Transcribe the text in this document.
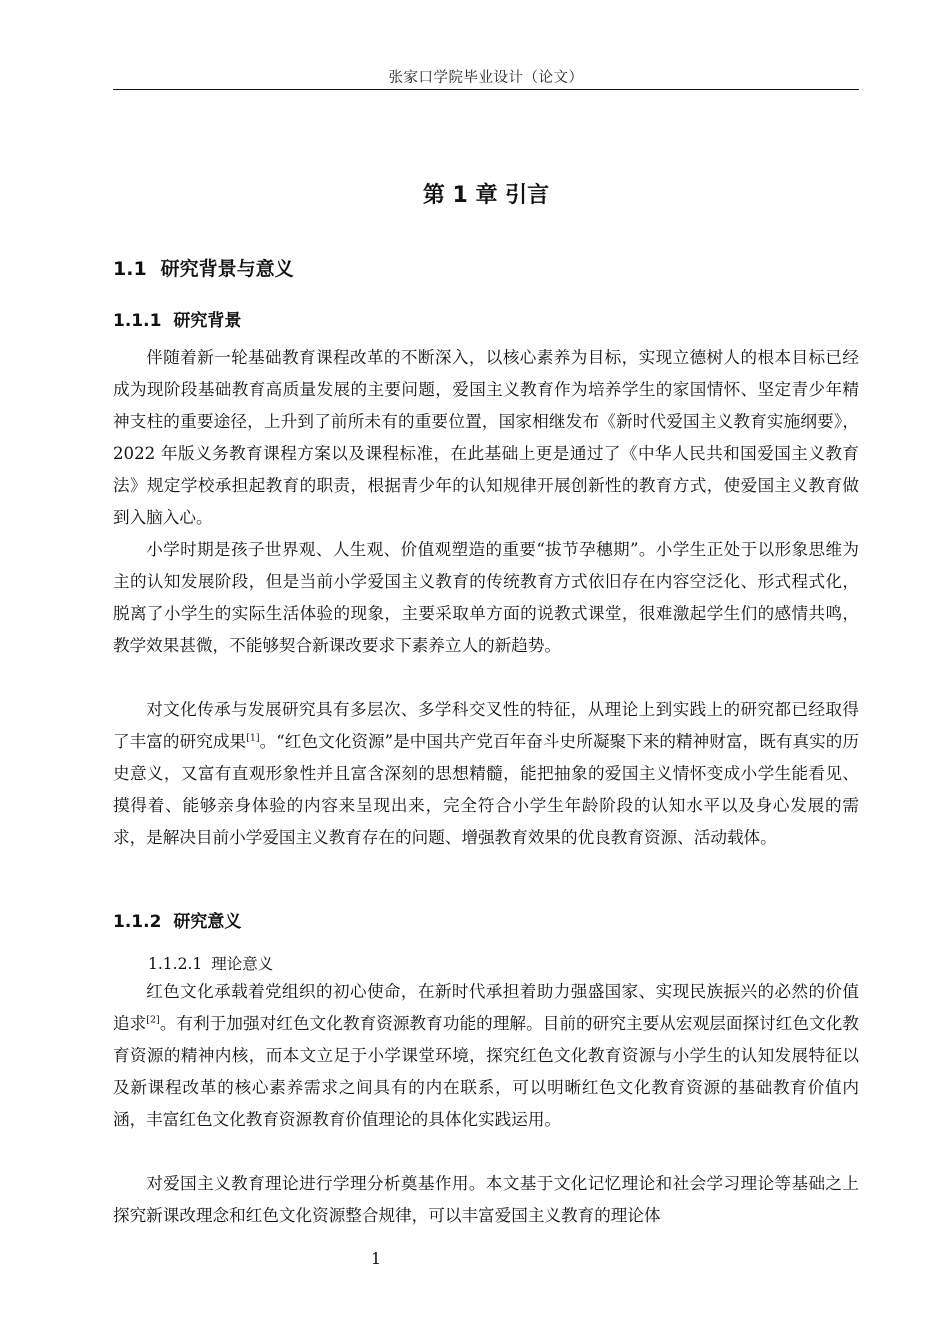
张家口学院毕业设计（论文）
第 1 章 引言
1.1 研究背景与意义
1.1.1 研究背景

伴随着新一轮基础教育课程改革的不断深入，以核心素养为目标，实现立德树人的根本目标已经成为现阶段基础教育高质量发展的主要问题，爱国主义教育作为培养学生的家国情怀、坚定青少年精神支柱的重要途径，上升到了前所未有的重要位置，国家相继发布《新时代爱国主义教育实施纲要》，2022 年版义务教育课程方案以及课程标准，在此基础上更是通过了《中华人民共和国爱国主义教育法》规定学校承担起教育的职责，根据青少年的认知规律开展创新性的教育方式，使爱国主义教育做到入脑入心。

小学时期是孩子世界观、人生观、价值观塑造的重要“拔节孕穗期”。小学生正处于以形象思维为主的认知发展阶段，但是当前小学爱国主义教育的传统教育方式依旧存在内容空泛化、形式程式化，脱离了小学生的实际生活体验的现象，主要采取单方面的说教式课堂，很难激起学生们的感情共鸣，教学效果甚微，不能够契合新课改要求下素养立人的新趋势。

对文化传承与发展研究具有多层次、多学科交叉性的特征，从理论上到实践上的研究都已经取得了丰富的研究成果[1]。“红色文化资源”是中国共产党百年奋斗史所凝聚下来的精神财富，既有真实的历史意义，又富有直观形象性并且富含深刻的思想精髓，能把抽象的爱国主义情怀变成小学生能看见、摸得着、能够亲身体验的内容来呈现出来，完全符合小学生年龄阶段的认知水平以及身心发展的需求，是解决目前小学爱国主义教育存在的问题、增强教育效果的优良教育资源、活动载体。

1.1.2 研究意义
1.1.2.1 理论意义

红色文化承载着党组织的初心使命，在新时代承担着助力强盛国家、实现民族振兴的必然的价值追求[2]。有利于加强对红色文化教育资源教育功能的理解。目前的研究主要从宏观层面探讨红色文化教育资源的精神内核，而本文立足于小学课堂环境，探究红色文化教育资源与小学生的认知发展特征以及新课程改革的核心素养需求之间具有的内在联系，可以明晰红色文化教育资源的基础教育价值内涵，丰富红色文化教育资源教育价值理论的具体化实践运用。

对爱国主义教育理论进行学理分析奠基作用。本文基于文化记忆理论和社会学习理论等基础之上探究新课改理念和红色文化资源整合规律，可以丰富爱国主义教育的理论体

1
